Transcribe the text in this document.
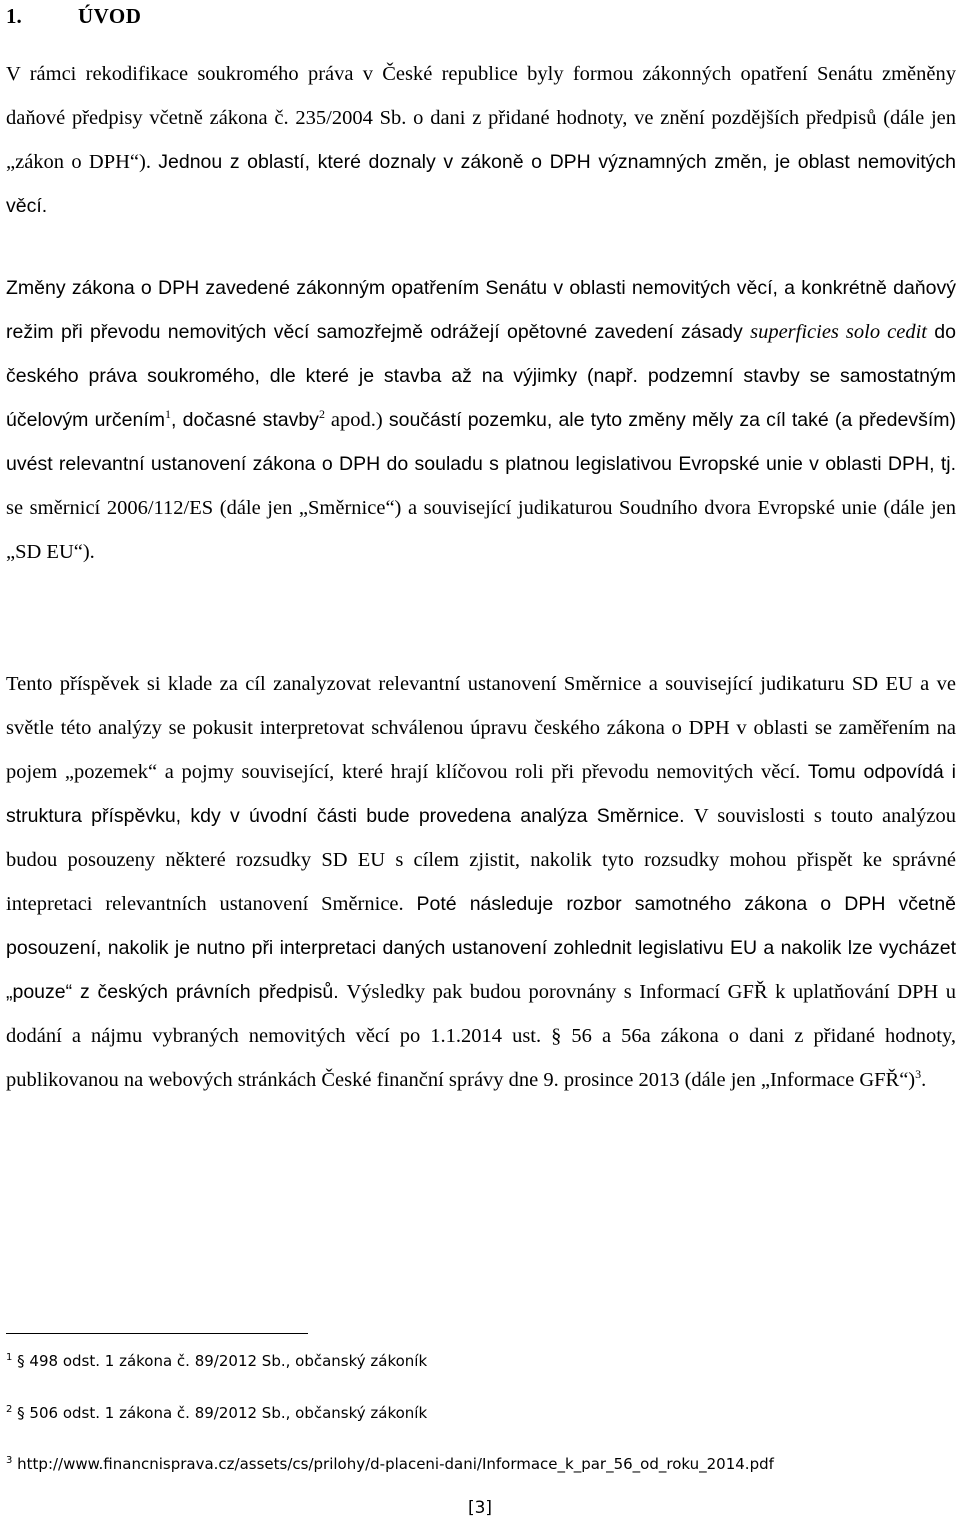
1.	ÚVOD

V rámci rekodifikace soukromého práva v České republice byly formou zákonných opatření Senátu změněny daňové předpisy včetně zákona č. 235/2004 Sb. o dani z přidané hodnoty, ve znění pozdějších předpisů (dále jen „zákon o DPH“). Jednou z oblastí, které doznaly v zákoně o DPH významných změn, je oblast nemovitých věcí.

Změny zákona o DPH zavedené zákonným opatřením Senátu v oblasti nemovitých věcí, a konkrétně daňový režim při převodu nemovitých věcí samozřejmě odrážejí opětovné zavedení zásady superficies solo cedit do českého práva soukromého, dle které je stavba až na výjimky (např. podzemní stavby se samostatným účelovým určením$^1$, dočasné stavby$^2$ apod.) součástí pozemku, ale tyto změny měly za cíl také (a především) uvést relevantní ustanovení zákona o DPH do souladu s platnou legislativou Evropské unie v oblasti DPH, tj. se směrnicí 2006/112/ES (dále jen „Směrnice“) a související judikaturou Soudního dvora Evropské unie (dále jen „SD EU“).

Tento příspěvek si klade za cíl zanalyzovat relevantní ustanovení Směrnice a související judikaturu SD EU a ve světle této analýzy se pokusit interpretovat schválenou úpravu českého zákona o DPH v oblasti se zaměřením na pojem „pozemek“ a pojmy související, které hrají klíčovou roli při převodu nemovitých věcí. Tomu odpovídá i struktura příspěvku, kdy v úvodní části bude provedena analýza Směrnice. V souvislosti s touto analýzou budou posouzeny některé rozsudky SD EU s cílem zjistit, nakolik tyto rozsudky mohou přispět ke správné intepretaci relevantních ustanovení Směrnice. Poté následuje rozbor samotného zákona o DPH včetně posouzení, nakolik je nutno při interpretaci daných ustanovení zohlednit legislativu EU a nakolik lze vycházet „pouze“ z českých právních předpisů. Výsledky pak budou porovnány s Informací GFŘ k uplatňování DPH u dodání a nájmu vybraných nemovitých věcí po 1.1.2014 ust. § 56 a 56a zákona o dani z přidané hodnoty, publikovanou na webových stránkách České finanční správy dne 9. prosince 2013 (dále jen „Informace GFŘ“)$^3$.

$^1$ § 498 odst. 1 zákona č. 89/2012 Sb., občanský zákoník
$^2$ § 506 odst. 1 zákona č. 89/2012 Sb., občanský zákoník
$^3$ http://www.financnisprava.cz/assets/cs/prilohy/d-placeni-dani/Informace_k_par_56_od_roku_2014.pdf
[3]
